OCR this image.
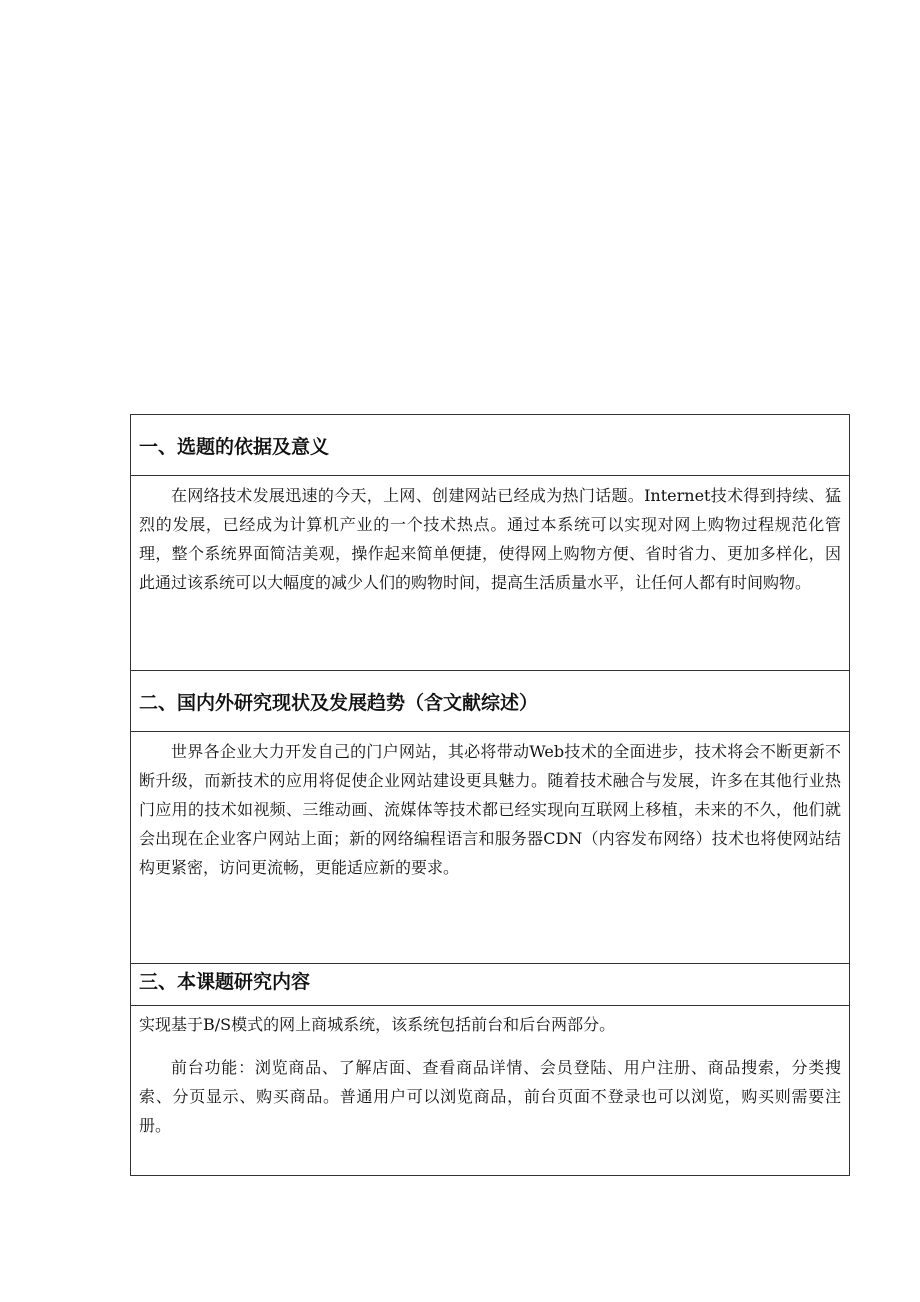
一、选题的依据及意义

在网络技术发展迅速的今天，上网、创建网站已经成为热门话题。Internet技术得到持续、猛烈的发展，已经成为计算机产业的一个技术热点。通过本系统可以实现对网上购物过程规范化管理，整个系统界面简洁美观，操作起来简单便捷，使得网上购物方便、省时省力、更加多样化，因此通过该系统可以大幅度的减少人们的购物时间，提高生活质量水平，让任何人都有时间购物。

二、国内外研究现状及发展趋势（含文献综述）

世界各企业大力开发自己的门户网站，其必将带动Web技术的全面进步，技术将会不断更新不断升级，而新技术的应用将促使企业网站建设更具魅力。随着技术融合与发展，许多在其他行业热门应用的技术如视频、三维动画、流媒体等技术都已经实现向互联网上移植，未来的不久，他们就会出现在企业客户网站上面；新的网络编程语言和服务器CDN（内容发布网络）技术也将使网站结构更紧密，访问更流畅，更能适应新的要求。

三、本课题研究内容

实现基于B/S模式的网上商城系统，该系统包括前台和后台两部分。

前台功能：浏览商品、了解店面、查看商品详情、会员登陆、用户注册、商品搜索，分类搜索、分页显示、购买商品。普通用户可以浏览商品，前台页面不登录也可以浏览，购买则需要注册。
